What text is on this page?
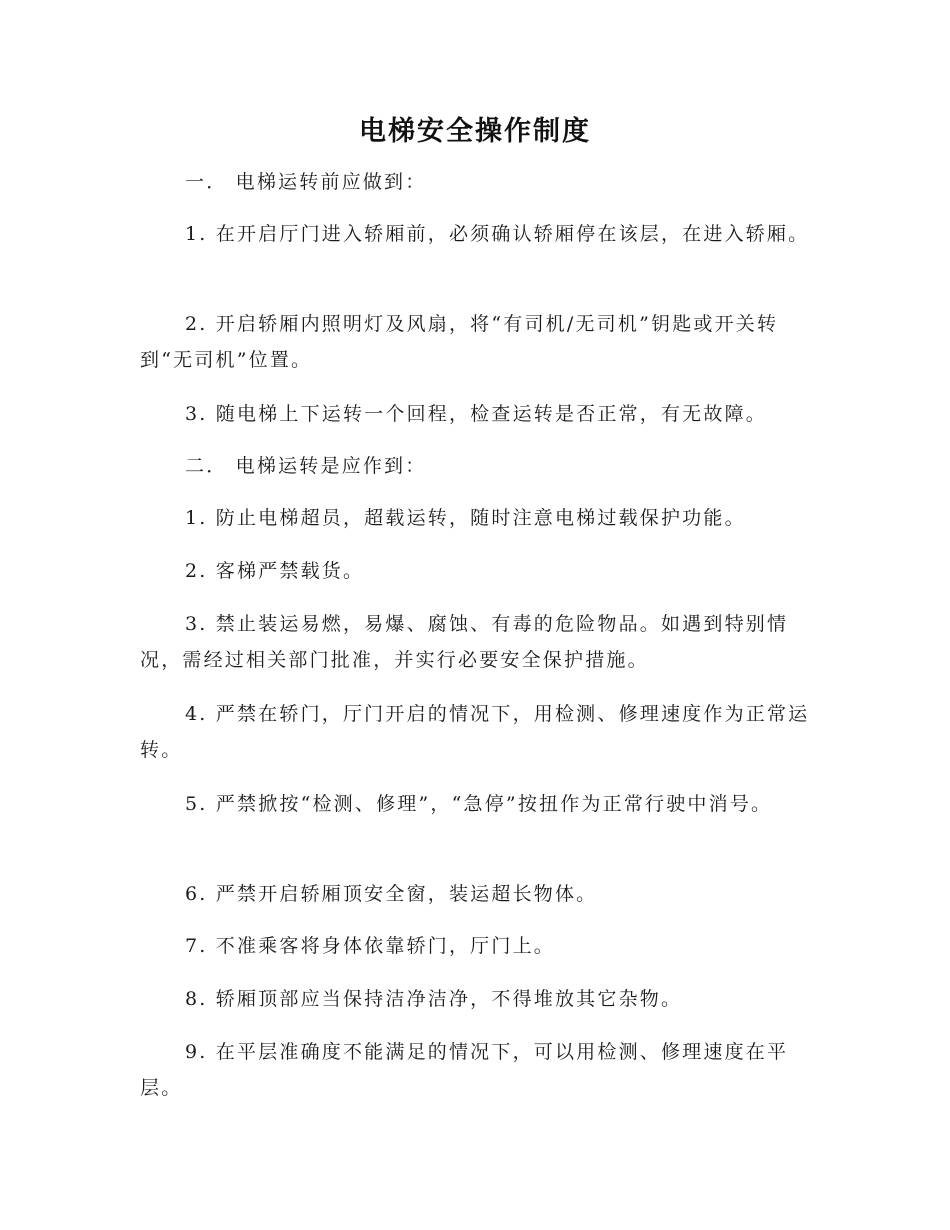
电梯安全操作制度
一． 电梯运转前应做到：
1. 在开启厅门进入轿厢前，必须确认轿厢停在该层，在进入轿厢。
2. 开启轿厢内照明灯及风扇，将“有司机/无司机”钥匙或开关转到“无司机”位置。
3. 随电梯上下运转一个回程，检查运转是否正常，有无故障。
二． 电梯运转是应作到：
1. 防止电梯超员，超载运转，随时注意电梯过载保护功能。
2. 客梯严禁载货。
3. 禁止装运易燃，易爆、腐蚀、有毒的危险物品。如遇到特别情况，需经过相关部门批准，并实行必要安全保护措施。
4. 严禁在轿门，厅门开启的情况下，用检测、修理速度作为正常运转。
5. 严禁掀按“检测、修理”，“急停”按扭作为正常行驶中消号。
6. 严禁开启轿厢顶安全窗，装运超长物体。
7. 不准乘客将身体依靠轿门，厅门上。
8. 轿厢顶部应当保持洁净洁净，不得堆放其它杂物。
9. 在平层准确度不能满足的情况下，可以用检测、修理速度在平层。
